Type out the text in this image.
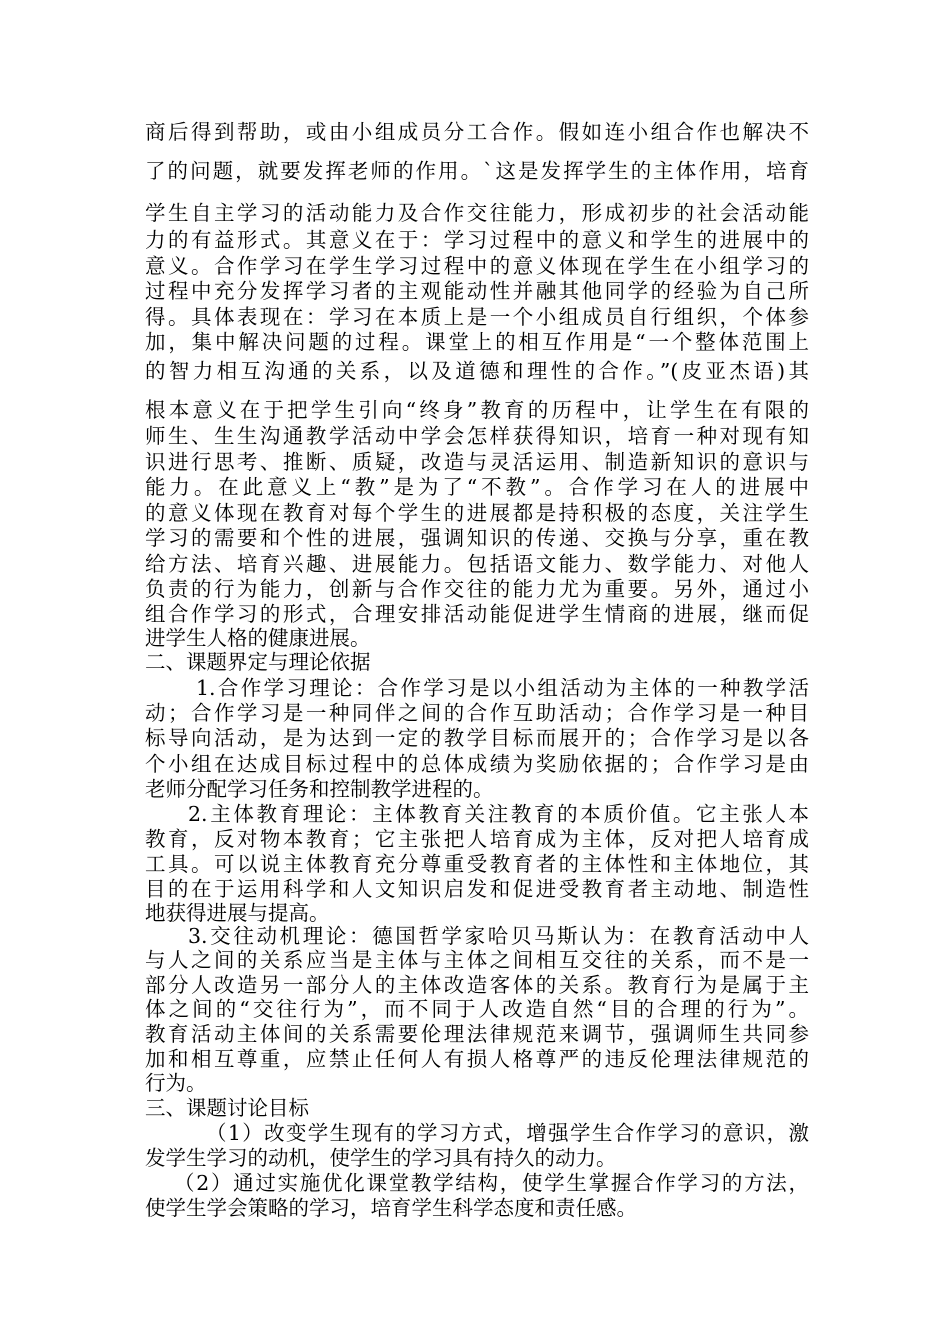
商后得到帮助，或由小组成员分工合作。假如连小组合作也解决不
了的问题，就要发挥老师的作用。`这是发挥学生的主体作用，培育
学生自主学习的活动能力及合作交往能力，形成初步的社会活动能
力的有益形式。其意义在于：学习过程中的意义和学生的进展中的
意义。合作学习在学生学习过程中的意义体现在学生在小组学习的
过程中充分发挥学习者的主观能动性并融其他同学的经验为自己所
得。具体表现在：学习在本质上是一个小组成员自行组织，个体参
加，集中解决问题的过程。课堂上的相互作用是“一个整体范围上
的智力相互沟通的关系，以及道德和理性的合作。”(皮亚杰语)其
根本意义在于把学生引向“终身”教育的历程中，让学生在有限的
师生、生生沟通教学活动中学会怎样获得知识，培育一种对现有知
识进行思考、推断、质疑，改造与灵活运用、制造新知识的意识与
能力。在此意义上“教”是为了“不教”。合作学习在人的进展中
的意义体现在教育对每个学生的进展都是持积极的态度，关注学生
学习的需要和个性的进展，强调知识的传递、交换与分享，重在教
给方法、培育兴趣、进展能力。包括语文能力、数学能力、对他人
负责的行为能力，创新与合作交往的能力尤为重要。另外，通过小
组合作学习的形式，合理安排活动能促进学生情商的进展，继而促
进学生人格的健康进展。
二、课题界定与理论依据
1.合作学习理论：合作学习是以小组活动为主体的一种教学活
动；合作学习是一种同伴之间的合作互助活动；合作学习是一种目
标导向活动，是为达到一定的教学目标而展开的；合作学习是以各
个小组在达成目标过程中的总体成绩为奖励依据的；合作学习是由
老师分配学习任务和控制教学进程的。
2.主体教育理论：主体教育关注教育的本质价值。它主张人本
教育，反对物本教育；它主张把人培育成为主体，反对把人培育成
工具。可以说主体教育充分尊重受教育者的主体性和主体地位，其
目的在于运用科学和人文知识启发和促进受教育者主动地、制造性
地获得进展与提高。
3.交往动机理论：德国哲学家哈贝马斯认为：在教育活动中人
与人之间的关系应当是主体与主体之间相互交往的关系，而不是一
部分人改造另一部分人的主体改造客体的关系。教育行为是属于主
体之间的“交往行为”，而不同于人改造自然“目的合理的行为”。
教育活动主体间的关系需要伦理法律规范来调节，强调师生共同参
加和相互尊重，应禁止任何人有损人格尊严的违反伦理法律规范的
行为。
三、课题讨论目标
（1）改变学生现有的学习方式，增强学生合作学习的意识，激
发学生学习的动机，使学生的学习具有持久的动力。
（2）通过实施优化课堂教学结构，使学生掌握合作学习的方法，
使学生学会策略的学习，培育学生科学态度和责任感。
